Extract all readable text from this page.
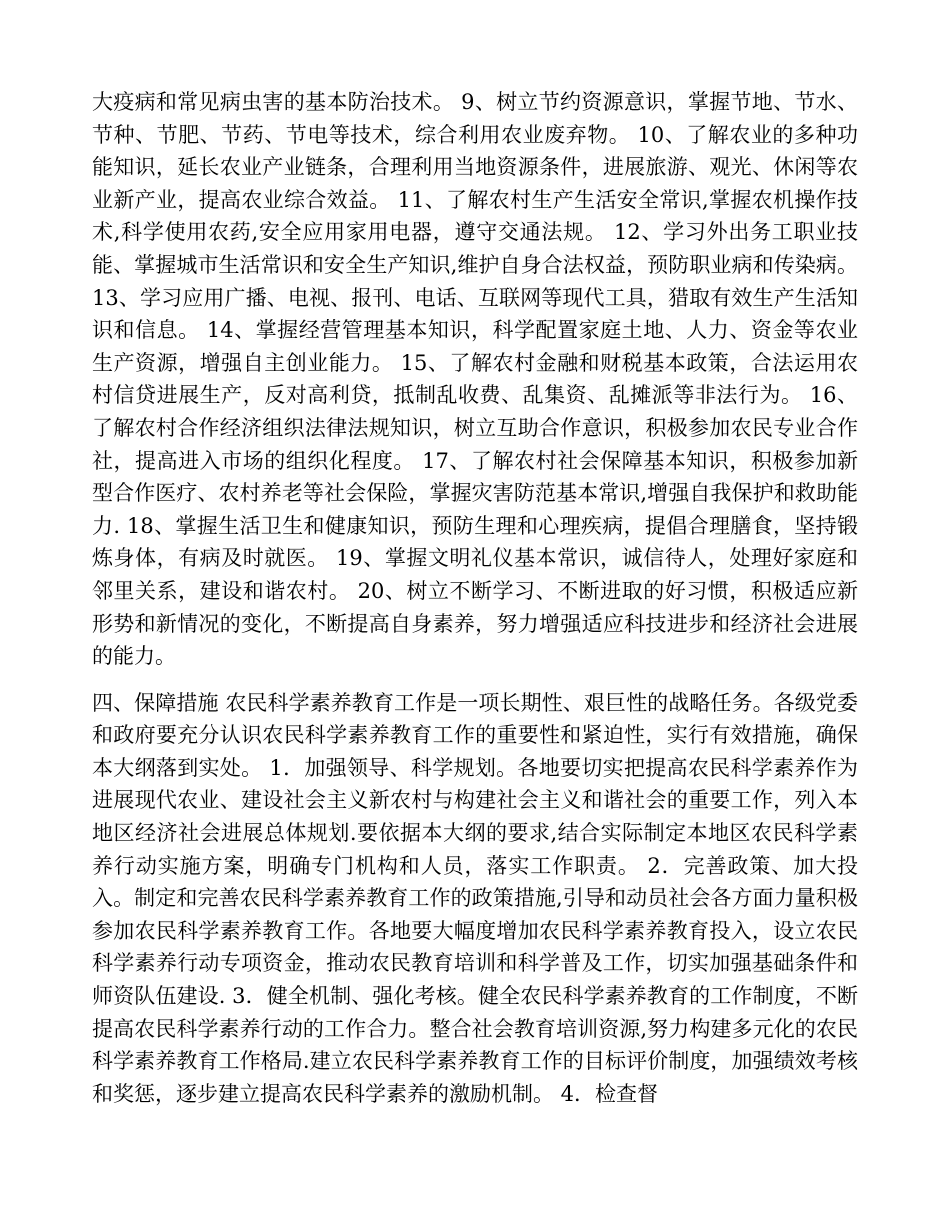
大疫病和常见病虫害的基本防治技术。 9、树立节约资源意识，掌握节地、节水、节种、节肥、节药、节电等技术，综合利用农业废弃物。 10、了解农业的多种功能知识，延长农业产业链条，合理利用当地资源条件，进展旅游、观光、休闲等农业新产业，提高农业综合效益。 11、了解农村生产生活安全常识,掌握农机操作技术,科学使用农药,安全应用家用电器，遵守交通法规。 12、学习外出务工职业技能、掌握城市生活常识和安全生产知识,维护自身合法权益，预防职业病和传染病。 13、学习应用广播、电视、报刊、电话、互联网等现代工具，猎取有效生产生活知识和信息。 14、掌握经营管理基本知识，科学配置家庭土地、人力、资金等农业生产资源，增强自主创业能力。 15、了解农村金融和财税基本政策，合法运用农村信贷进展生产，反对高利贷，抵制乱收费、乱集资、乱摊派等非法行为。 16、了解农村合作经济组织法律法规知识，树立互助合作意识，积极参加农民专业合作社，提高进入市场的组织化程度。 17、了解农村社会保障基本知识，积极参加新型合作医疗、农村养老等社会保险，掌握灾害防范基本常识,增强自我保护和救助能力. 18、掌握生活卫生和健康知识，预防生理和心理疾病，提倡合理膳食，坚持锻炼身体，有病及时就医。 19、掌握文明礼仪基本常识，诚信待人，处理好家庭和邻里关系，建设和谐农村。 20、树立不断学习、不断进取的好习惯，积极适应新形势和新情况的变化，不断提高自身素养，努力增强适应科技进步和经济社会进展的能力。

四、保障措施 农民科学素养教育工作是一项长期性、艰巨性的战略任务。各级党委和政府要充分认识农民科学素养教育工作的重要性和紧迫性，实行有效措施，确保本大纲落到实处。 1．加强领导、科学规划。各地要切实把提高农民科学素养作为进展现代农业、建设社会主义新农村与构建社会主义和谐社会的重要工作，列入本地区经济社会进展总体规划.要依据本大纲的要求,结合实际制定本地区农民科学素养行动实施方案，明确专门机构和人员，落实工作职责。 2．完善政策、加大投入。制定和完善农民科学素养教育工作的政策措施,引导和动员社会各方面力量积极参加农民科学素养教育工作。各地要大幅度增加农民科学素养教育投入，设立农民科学素养行动专项资金，推动农民教育培训和科学普及工作，切实加强基础条件和师资队伍建设. 3．健全机制、强化考核。健全农民科学素养教育的工作制度，不断提高农民科学素养行动的工作合力。整合社会教育培训资源,努力构建多元化的农民科学素养教育工作格局.建立农民科学素养教育工作的目标评价制度，加强绩效考核和奖惩，逐步建立提高农民科学素养的激励机制。 4．检查督
